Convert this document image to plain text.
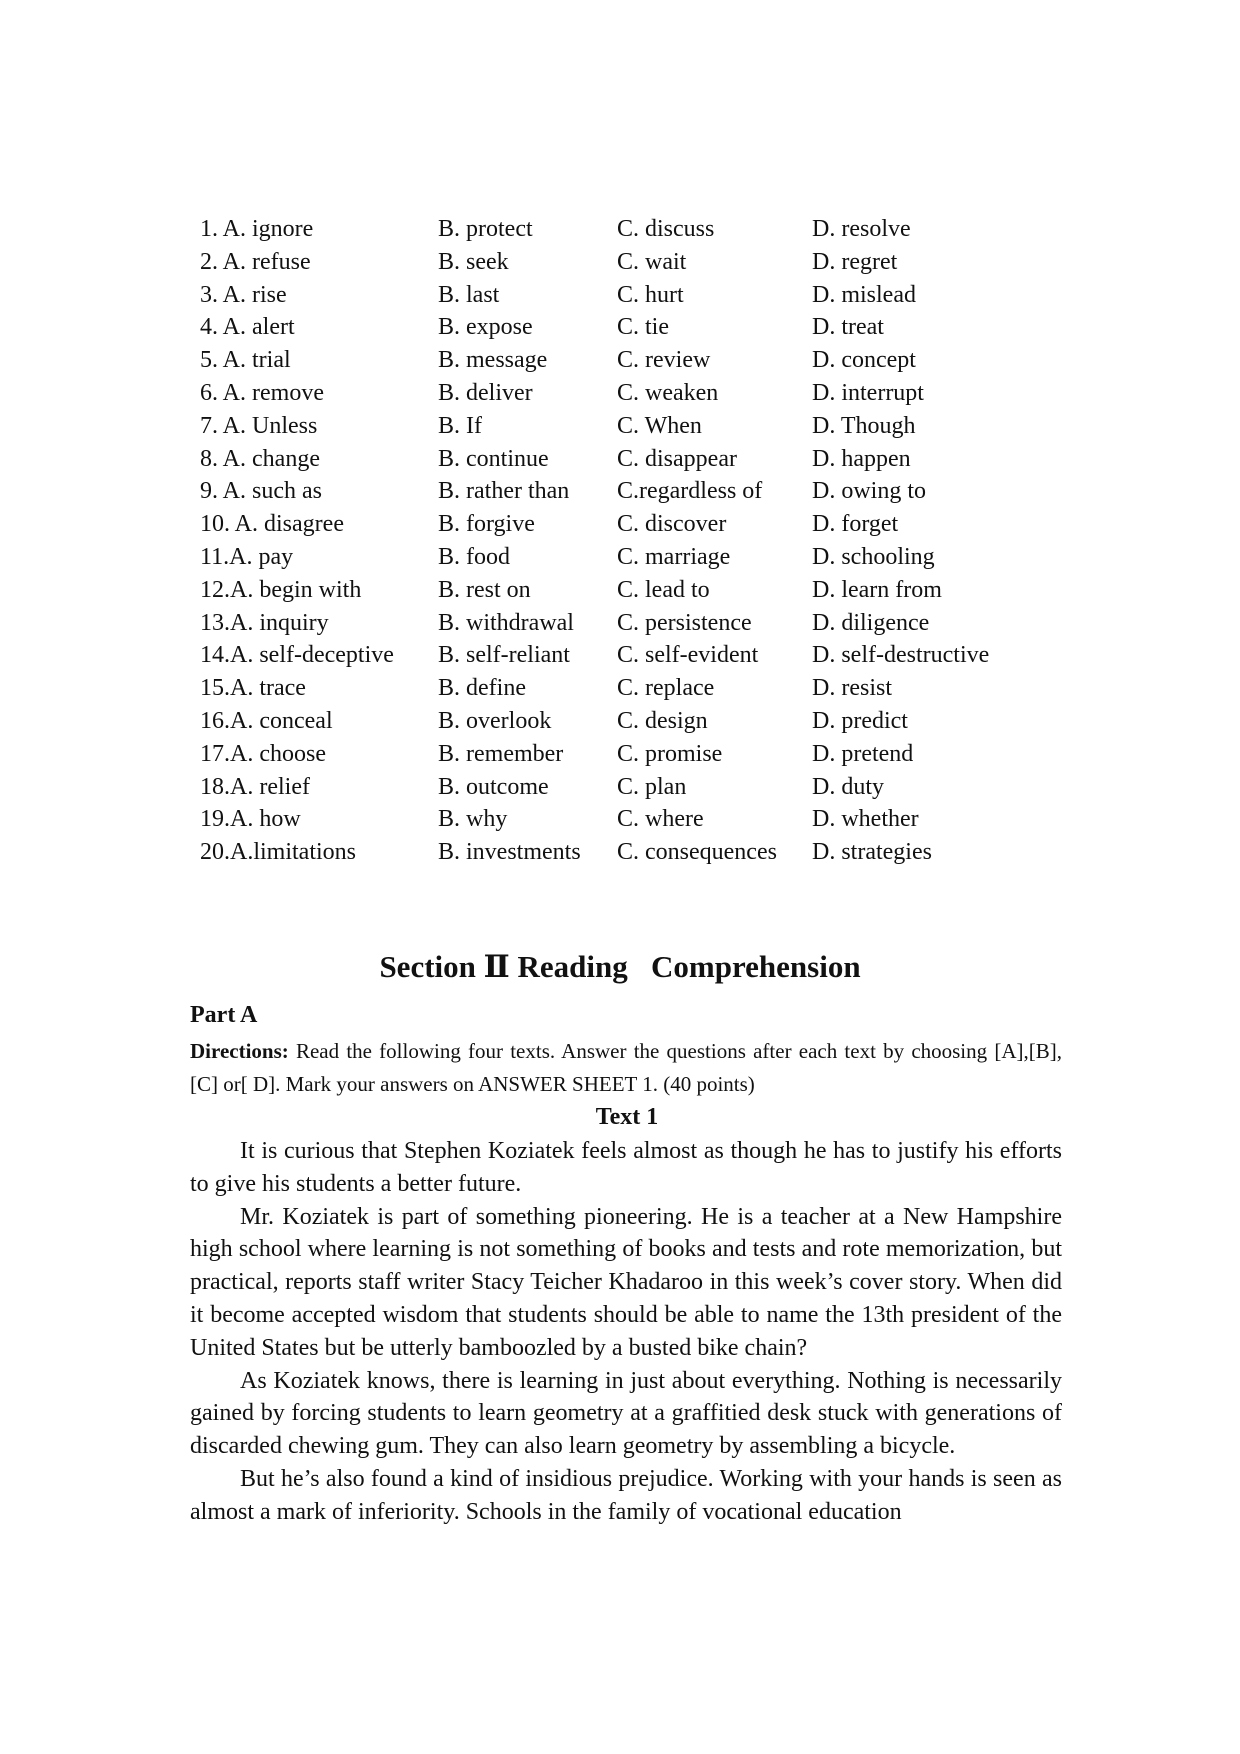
1. A. ignore	B. protect	C. discuss	D. resolve
2. A. refuse	B. seek	C. wait	D. regret
3. A. rise	B. last	C. hurt	D. mislead
4. A. alert	B. expose	C. tie	D. treat
5. A. trial	B. message	C. review	D. concept
6. A. remove	B. deliver	C. weaken	D. interrupt
7. A. Unless	B. If	C. When	D. Though
8. A. change	B. continue	C. disappear	D. happen
9. A. such as	B. rather than C.regardless of D. owing to
10. A. disagree	B. forgive	C. discover	D. forget
11.A. pay	B. food	C. marriage	D. schooling
12.A. begin with	B. rest on	C. lead to	D. learn from
13.A. inquiry	B. withdrawal C. persistence	D. diligence
14.A. self-deceptive B. self-reliant C. self-evident D. self-destructive
15.A. trace	B. define	C. replace	D. resist
16.A. conceal	B. overlook	C. design	D. predict
17.A. choose	B. remember C. promise	D. pretend
18.A. relief	B. outcome	C. plan	D. duty
19.A. how	B. why	C. where	D. whether
20.A.limitations	B. investments C. consequences D. strategies
Section Ⅱ Reading   Comprehension
Part A
Directions: Read the following four texts. Answer the questions after each text by choosing [A],[B],[C] or[ D]. Mark your answers on ANSWER SHEET 1. (40 points)
Text 1

It is curious that Stephen Koziatek feels almost as though he has to justify his efforts to give his students a better future.

Mr. Koziatek is part of something pioneering. He is a teacher at a New Hampshire high school where learning is not something of books and tests and rote memorization, but practical, reports staff writer Stacy Teicher Khadaroo in this week’s cover story. When did it become accepted wisdom that students should be able to name the 13th president of the United States but be utterly bamboozled by a busted bike chain?

As Koziatek knows, there is learning in just about everything. Nothing is necessarily gained by forcing students to learn geometry at a graffitied desk stuck with generations of discarded chewing gum. They can also learn geometry by assembling a bicycle.

But he’s also found a kind of insidious prejudice. Working with your hands is seen as almost a mark of inferiority. Schools in the family of vocational education
